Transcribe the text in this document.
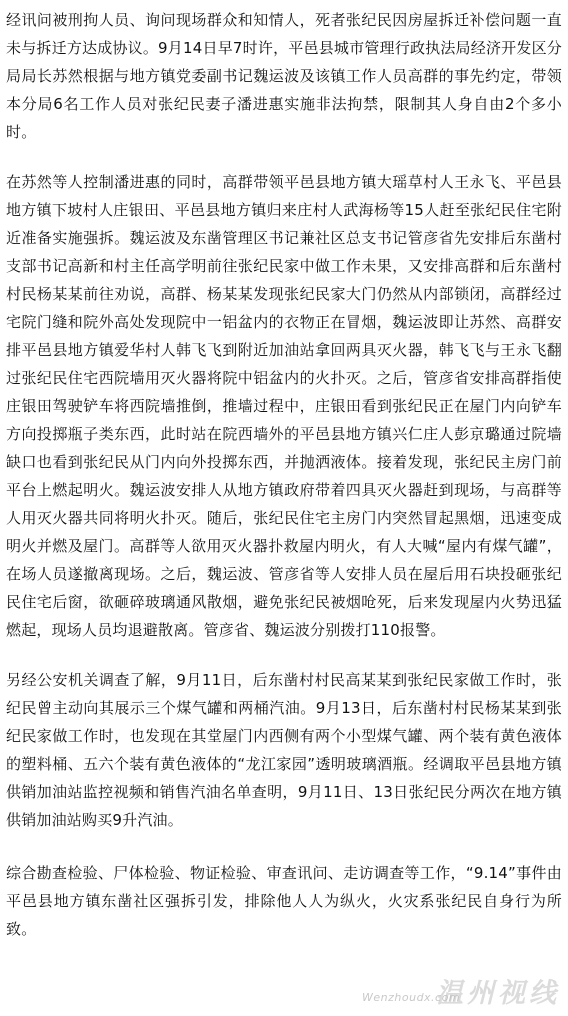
经讯问被刑拘人员、询问现场群众和知情人，死者张纪民因房屋拆迁补偿问题一直未与拆迁方达成协议。9月14日早7时许，平邑县城市管理行政执法局经济开发区分局局长苏然根据与地方镇党委副书记魏运波及该镇工作人员高群的事先约定，带领本分局6名工作人员对张纪民妻子潘进惠实施非法拘禁，限制其人身自由2个多小时。

在苏然等人控制潘进惠的同时，高群带领平邑县地方镇大瑶草村人王永飞、平邑县地方镇下坡村人庄银田、平邑县地方镇归来庄村人武海杨等15人赶至张纪民住宅附近准备实施强拆。魏运波及东凿管理区书记兼社区总支书记管彦省先安排后东凿村支部书记高新和村主任高学明前往张纪民家中做工作未果，又安排高群和后东凿村村民杨某某前往劝说，高群、杨某某发现张纪民家大门仍然从内部锁闭，高群经过宅院门缝和院外高处发现院中一铝盆内的衣物正在冒烟，魏运波即让苏然、高群安排平邑县地方镇爱华村人韩飞飞到附近加油站拿回两具灭火器，韩飞飞与王永飞翻过张纪民住宅西院墙用灭火器将院中铝盆内的火扑灭。之后，管彦省安排高群指使庄银田驾驶铲车将西院墙推倒，推墙过程中，庄银田看到张纪民正在屋门内向铲车方向投掷瓶子类东西，此时站在院西墙外的平邑县地方镇兴仁庄人彭京璐通过院墙缺口也看到张纪民从门内向外投掷东西，并抛洒液体。接着发现，张纪民主房门前平台上燃起明火。魏运波安排人从地方镇政府带着四具灭火器赶到现场，与高群等人用灭火器共同将明火扑灭。随后，张纪民住宅主房门内突然冒起黑烟，迅速变成明火并燃及屋门。高群等人欲用灭火器扑救屋内明火，有人大喊“屋内有煤气罐”，在场人员遂撤离现场。之后，魏运波、管彦省等人安排人员在屋后用石块投砸张纪民住宅后窗，欲砸碎玻璃通风散烟，避免张纪民被烟呛死，后来发现屋内火势迅猛燃起，现场人员均退避散离。管彦省、魏运波分别拨打110报警。

另经公安机关调查了解，9月11日，后东凿村村民高某某到张纪民家做工作时，张纪民曾主动向其展示三个煤气罐和两桶汽油。9月13日，后东凿村村民杨某某到张纪民家做工作时，也发现在其堂屋门内西侧有两个小型煤气罐、两个装有黄色液体的塑料桶、五六个装有黄色液体的“龙江家园”透明玻璃酒瓶。经调取平邑县地方镇供销加油站监控视频和销售汽油名单查明，9月11日、13日张纪民分两次在地方镇供销加油站购买9升汽油。

综合勘查检验、尸体检验、物证检验、审查讯问、走访调查等工作，“9.14”事件由平邑县地方镇东凿社区强拆引发，排除他人人为纵火，火灾系张纪民自身行为所致。

Wenzhoudx.com
温州视线
